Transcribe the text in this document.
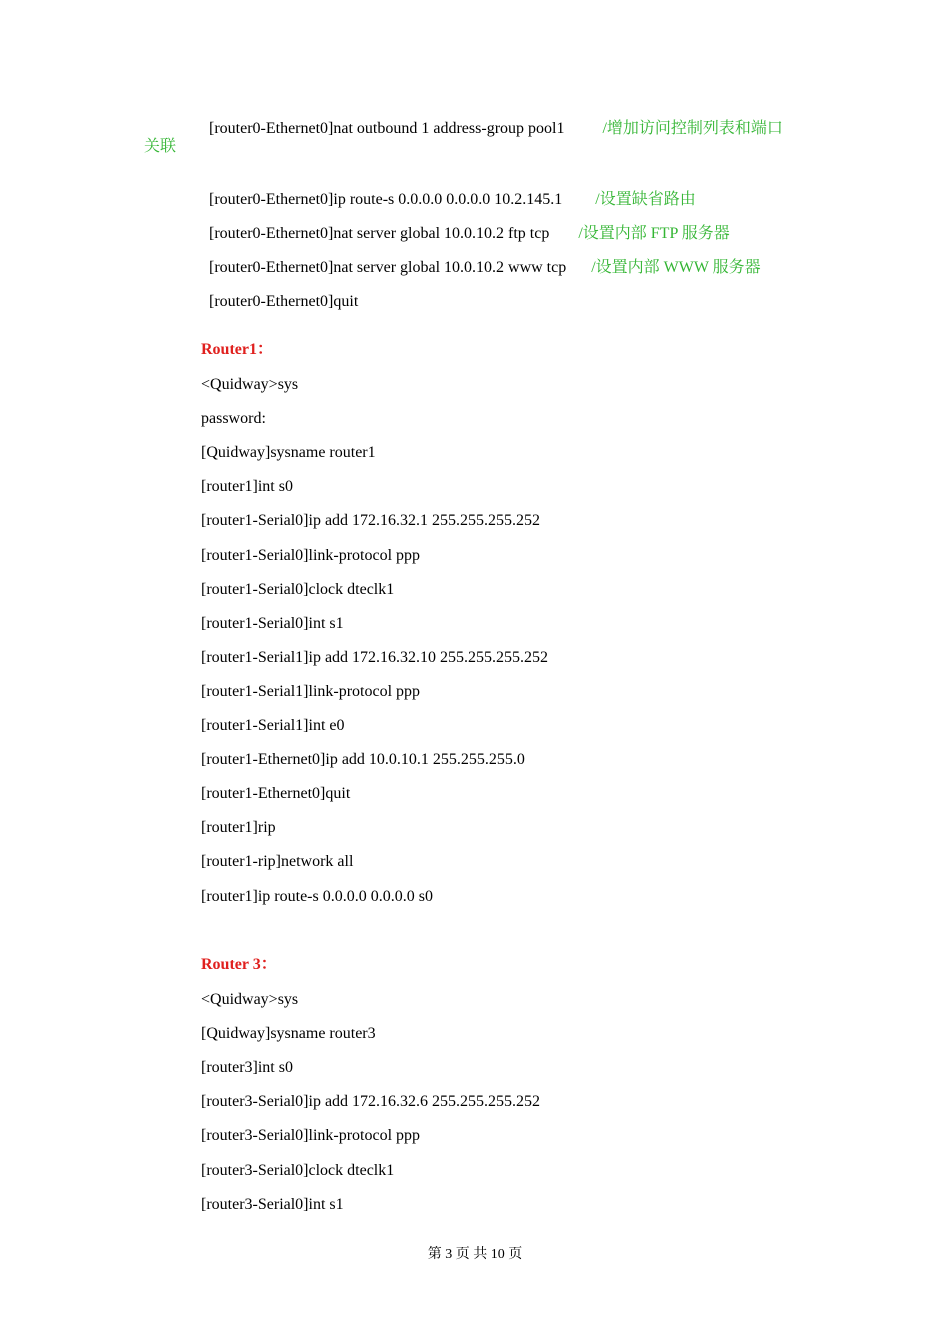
[router0-Ethernet0]nat outbound 1 address-group pool1 /增加访问控制列表和端口

关联

[router0-Ethernet0]ip route-s 0.0.0.0 0.0.0.0 10.2.145.1 /设置缺省路由

[router0-Ethernet0]nat server global 10.0.10.2 ftp tcp /设置内部 FTP 服务器

[router0-Ethernet0]nat server global 10.0.10.2 www tcp /设置内部 WWW 服务器

[router0-Ethernet0]quit

Router1：
<Quidway>sys
password:
[Quidway]sysname router1
[router1]int s0
[router1-Serial0]ip add 172.16.32.1 255.255.255.252
[router1-Serial0]link-protocol ppp
[router1-Serial0]clock dteclk1
[router1-Serial0]int s1
[router1-Serial1]ip add 172.16.32.10 255.255.255.252
[router1-Serial1]link-protocol ppp
[router1-Serial1]int e0
[router1-Ethernet0]ip add 10.0.10.1 255.255.255.0
[router1-Ethernet0]quit
[router1]rip
[router1-rip]network all
[router1]ip route-s 0.0.0.0 0.0.0.0 s0
Router 3：
<Quidway>sys
[Quidway]sysname router3
[router3]int s0
[router3-Serial0]ip add 172.16.32.6 255.255.255.252
[router3-Serial0]link-protocol ppp
[router3-Serial0]clock dteclk1
[router3-Serial0]int s1
第 3 页 共 10 页
